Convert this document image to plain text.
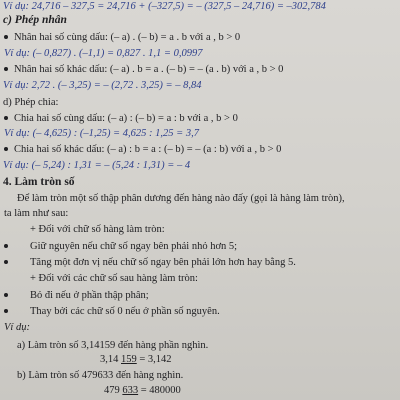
Ví dụ: 24,716 – 327,5 = 24,716 + (–327,5) = – (327,5 – 24,716) = –302,784
c) Phép nhân
Nhân hai số cùng dấu: (– a) . (– b) = a . b với a , b > 0
Ví dụ: (– 0,827) . (–1,1) = 0,827 . 1,1 = 0,0997
Nhân hai số khác dấu: (– a) . b = a . (– b) = – (a . b) với a , b > 0
Ví dụ: 2,72 . (– 3,25) = – (2,72 . 3,25) = – 8,84
d) Phép chia:
Chia hai số cùng dấu: (– a) : (– b) = a : b với a , b > 0
Ví dụ: (– 4,625) : (–1,25) = 4,625 : 1,25 = 3,7
Chia hai số khác dấu: (– a) : b = a : (– b) = – (a : b) với a , b > 0
Ví dụ: (– 5,24) : 1,31 = – (5,24 : 1,31) = – 4
4. Làm tròn số
Để làm tròn một số thập phân dương đến hàng nào đấy (gọi là hàng làm tròn),
ta làm như sau:
+ Đối với chữ số hàng làm tròn:
Giữ nguyên nếu chữ số ngay bên phải nhỏ hơn 5;
Tăng một đơn vị nếu chữ số ngay bên phải lớn hơn hay bằng 5.
+ Đối với các chữ số sau hàng làm tròn:
Bỏ đi nếu ở phần thập phân;
Thay bởi các chữ số 0 nếu ở phần số nguyên.
Ví dụ:
a) Làm tròn số 3,14159 đến hàng phần nghìn.
3,14 159 = 3,142
b) Làm tròn số 479633 đến hàng nghìn.
479 633 = 480000
